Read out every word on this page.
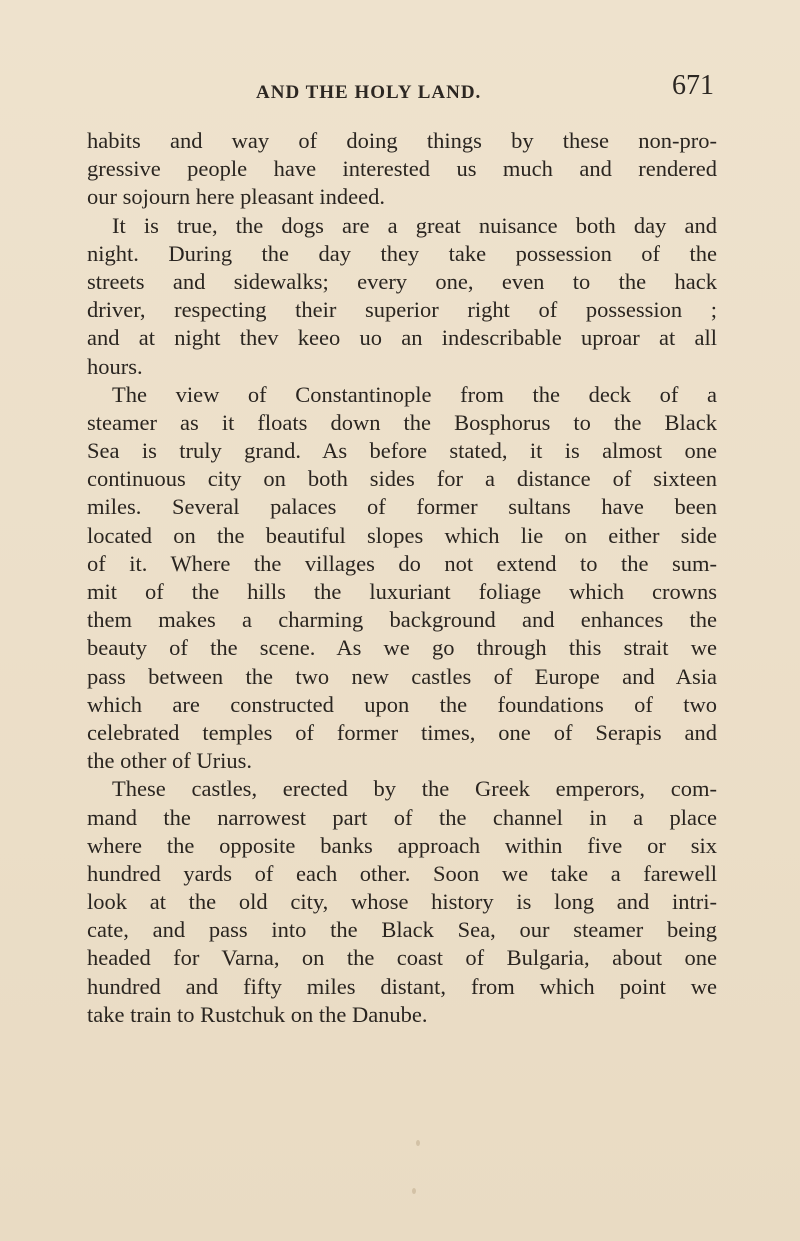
AND THE HOLY LAND.	671
habits and way of doing things by these non-pro-
gressive people have interested us much and rendered
our sojourn here pleasant indeed.
It is true, the dogs are a great nuisance both day and
night. During the day they take possession of the
streets and sidewalks; every one, even to the hack
driver, respecting their superior right of possession ;
and at night thev keeo uo an indescribable uproar at all
hours.
The view of Constantinople from the deck of a
steamer as it floats down the Bosphorus to the Black
Sea is truly grand. As before stated, it is almost one
continuous city on both sides for a distance of sixteen
miles. Several palaces of former sultans have been
located on the beautiful slopes which lie on either side
of it. Where the villages do not extend to the sum-
mit of the hills the luxuriant foliage which crowns
them makes a charming background and enhances the
beauty of the scene. As we go through this strait we
pass between the two new castles of Europe and Asia
which are constructed upon the foundations of two
celebrated temples of former times, one of Serapis and
the other of Urius.
These castles, erected by the Greek emperors, com-
mand the narrowest part of the channel in a place
where the opposite banks approach within five or six
hundred yards of each other. Soon we take a farewell
look at the old city, whose history is long and intri-
cate, and pass into the Black Sea, our steamer being
headed for Varna, on the coast of Bulgaria, about one
hundred and fifty miles distant, from which point we
take train to Rustchuk on the Danube.
